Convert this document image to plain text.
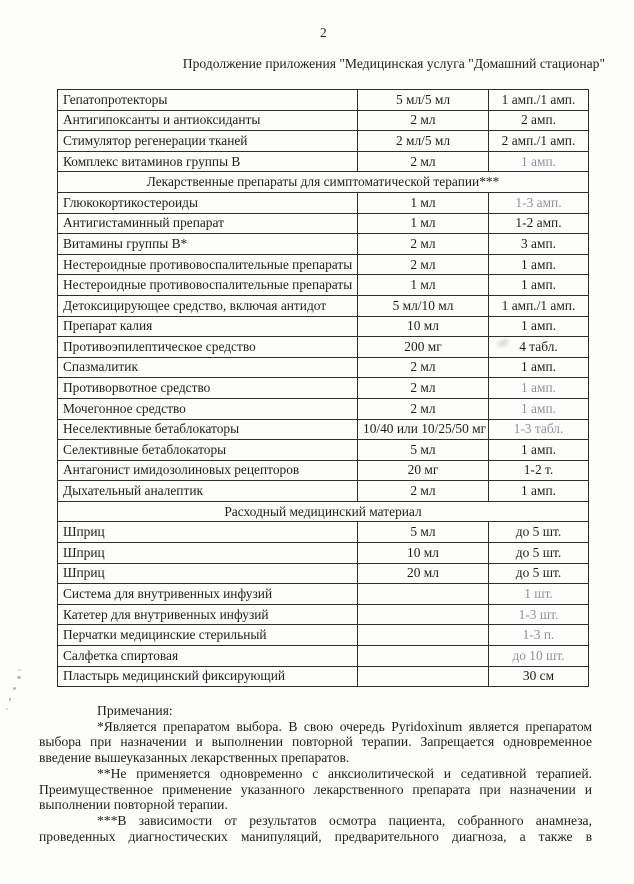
2
Продолжение приложения "Медицинская услуга "Домашний стационар"
Гепатопротекторы	5 мл/5 мл	1 амп./1 амп.
Антигипоксанты и антиоксиданты	2 мл	2 амп.
Стимулятор регенерации тканей	2 мл/5 мл	2 амп./1 амп.
Комплекс витаминов группы В	2 мл	1 амп.
Лекарственные препараты для симптоматической терапии***		
Глюкокортикостероиды	1 мл	1-3 амп.
Антигистаминный препарат	1 мл	1-2 амп.
Витамины группы В*	2 мл	3 амп.
Нестероидные противовоспалительные препараты	2 мл	1 амп.
Нестероидные противовоспалительные препараты	1 мл	1 амп.
Детоксицирующее средство, включая антидот	5 мл/10 мл	1 амп./1 амп.
Препарат калия	10 мл	1 амп.
Противоэпилептическое средство	200 мг	4 табл.
Спазмалитик	2 мл	1 амп.
Противорвотное средство	2 мл	1 амп.
Мочегонное средство	2 мл	1 амп.
Неселективные бетаблокаторы	10/40 или 10/25/50 мг	1-3 табл.
Селективные бетаблокаторы	5 мл	1 амп.
Антагонист имидозолиновых рецепторов	20 мг	1-2 т.
Дыхательный аналептик	2 мл	1 амп.
Расходный медицинский материал		
Шприц	5 мл	до 5 шт.
Шприц	10 мл	до 5 шт.
Шприц	20 мл	до 5 шт.
Система для внутривенных инфузий		1 шт.
Катетер для внутривенных инфузий		1-3 шт.
Перчатки медицинские стерильный		1-3 п.
Салфетка спиртовая		до 10 шт.
Пластырь медицинский фиксирующий		30 см

Примечания:

*Является препаратом выбора. В свою очередь Pyridoxinum является препаратом выбора при назначении и выполнении повторной терапии. Запрещается одновременное введение вышеуказанных лекарственных препаратов.

**Не применяется одновременно с анксиолитической и седативной терапией. Преимущественное применение указанного лекарственного препарата при назначении и выполнении повторной терапии.

***В зависимости от результатов осмотра пациента, собранного анамнеза, проведенных диагностических манипуляций, предварительного диагноза, а также в
